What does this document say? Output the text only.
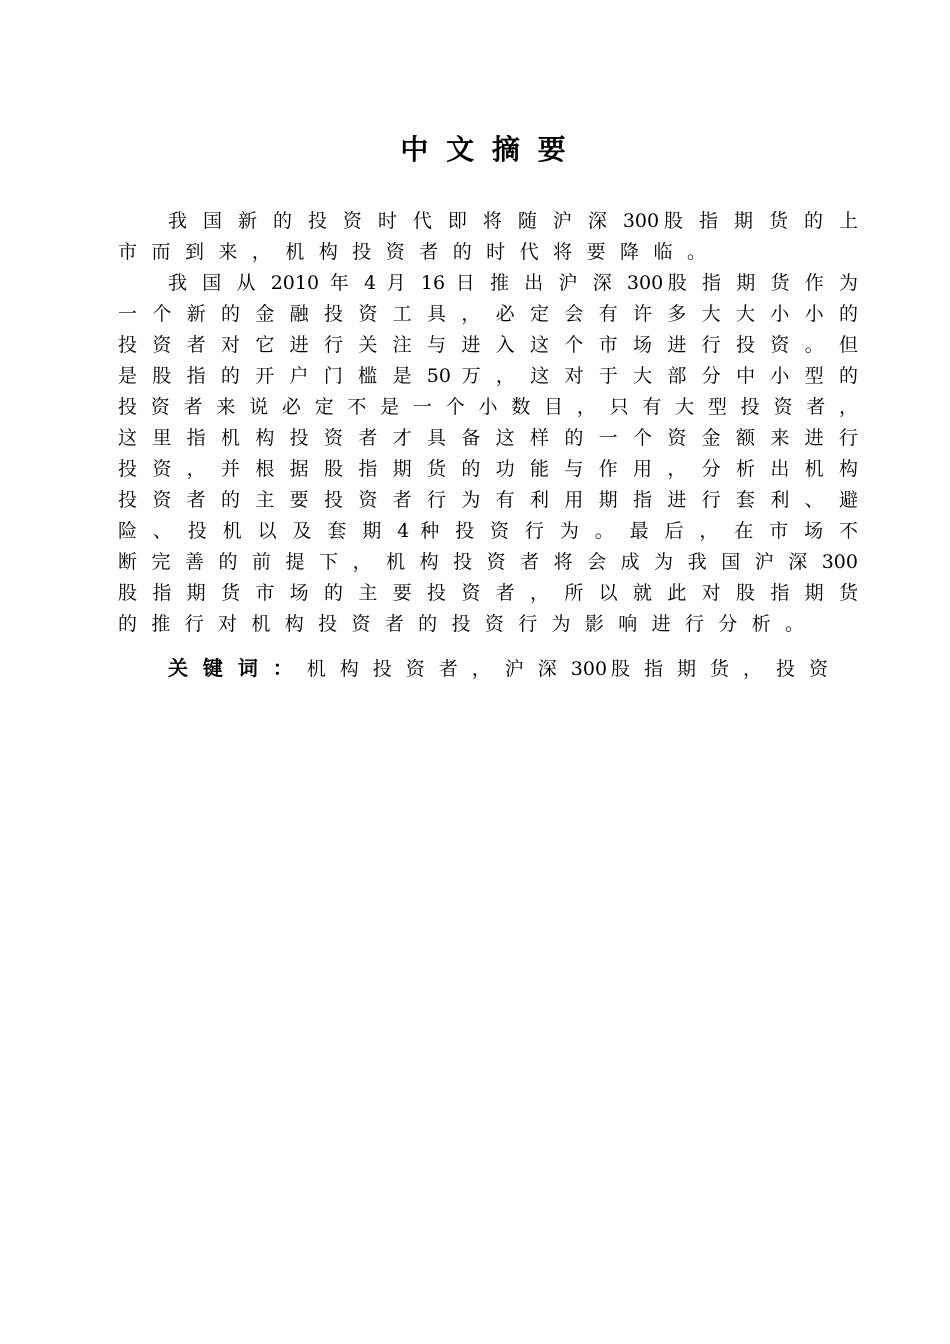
中 文 摘 要
我 国 新 的 投 资 时 代 即 将 随 沪 深 300股 指 期 货 的 上
市 而 到 来 ， 机 构 投 资 者 的 时 代 将 要 降 临 。
我 国 从 2010 年 4 月 16 日 推 出 沪 深 300股 指 期 货 作 为
一 个 新 的 金 融 投 资 工 具 ， 必 定 会 有 许 多 大 大 小 小 的
投 资 者 对 它 进 行 关 注 与 进 入 这 个 市 场 进 行 投 资 。 但
是 股 指 的 开 户 门 槛 是 50 万 ， 这 对 于 大 部 分 中 小 型 的
投 资 者 来 说 必 定 不 是 一 个 小 数 目 ， 只 有 大 型 投 资 者 ，
这 里 指 机 构 投 资 者 才 具 备 这 样 的 一 个 资 金 额 来 进 行
投 资 ， 并 根 据 股 指 期 货 的 功 能 与 作 用 ， 分 析 出 机 构
投 资 者 的 主 要 投 资 者 行 为 有 利 用 期 指 进 行 套 利 、 避
险 、 投 机 以 及 套 期 4 种 投 资 行 为 。 最 后 ， 在 市 场 不
断 完 善 的 前 提 下 ， 机 构 投 资 者 将 会 成 为 我 国 沪 深 300
股 指 期 货 市 场 的 主 要 投 资 者 ， 所 以 就 此 对 股 指 期 货
的 推 行 对 机 构 投 资 者 的 投 资 行 为 影 响 进 行 分 析 。
关 键 词 ： 机 构 投 资 者 ， 沪 深 300股 指 期 货 ， 投 资
